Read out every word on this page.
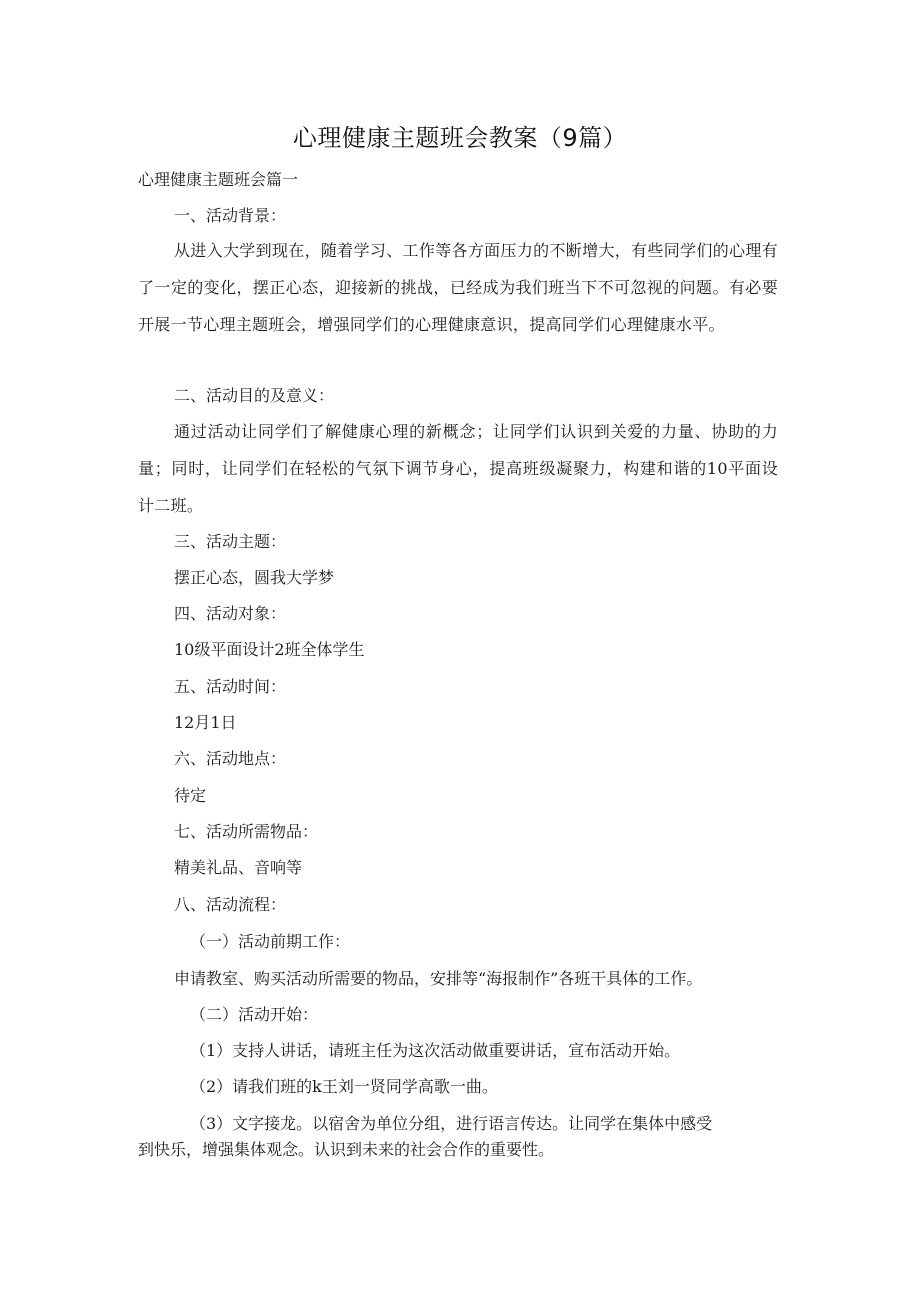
心理健康主题班会教案（9篇）
心理健康主题班会篇一
一、活动背景：
从进入大学到现在，随着学习、工作等各方面压力的不断增大，有些同学们的心理有了一定的变化，摆正心态，迎接新的挑战，已经成为我们班当下不可忽视的问题。有必要开展一节心理主题班会，增强同学们的心理健康意识，提高同学们心理健康水平。
二、活动目的及意义：
通过活动让同学们了解健康心理的新概念；让同学们认识到关爱的力量、协助的力量；同时，让同学们在轻松的气氛下调节身心，提高班级凝聚力，构建和谐的10平面设计二班。
三、活动主题：
摆正心态，圆我大学梦
四、活动对象：
10级平面设计2班全体学生
五、活动时间：
12月1日
六、活动地点：
待定
七、活动所需物品：
精美礼品、音响等
八、活动流程：
（一）活动前期工作：
申请教室、购买活动所需要的物品，安排等“海报制作”各班干具体的工作。
（二）活动开始：
（1）支持人讲话，请班主任为这次活动做重要讲话，宣布活动开始。
（2）请我们班的k王刘一贤同学高歌一曲。
（3）文字接龙。以宿舍为单位分组，进行语言传达。让同学在集体中感受
到快乐，增强集体观念。认识到未来的社会合作的重要性。
